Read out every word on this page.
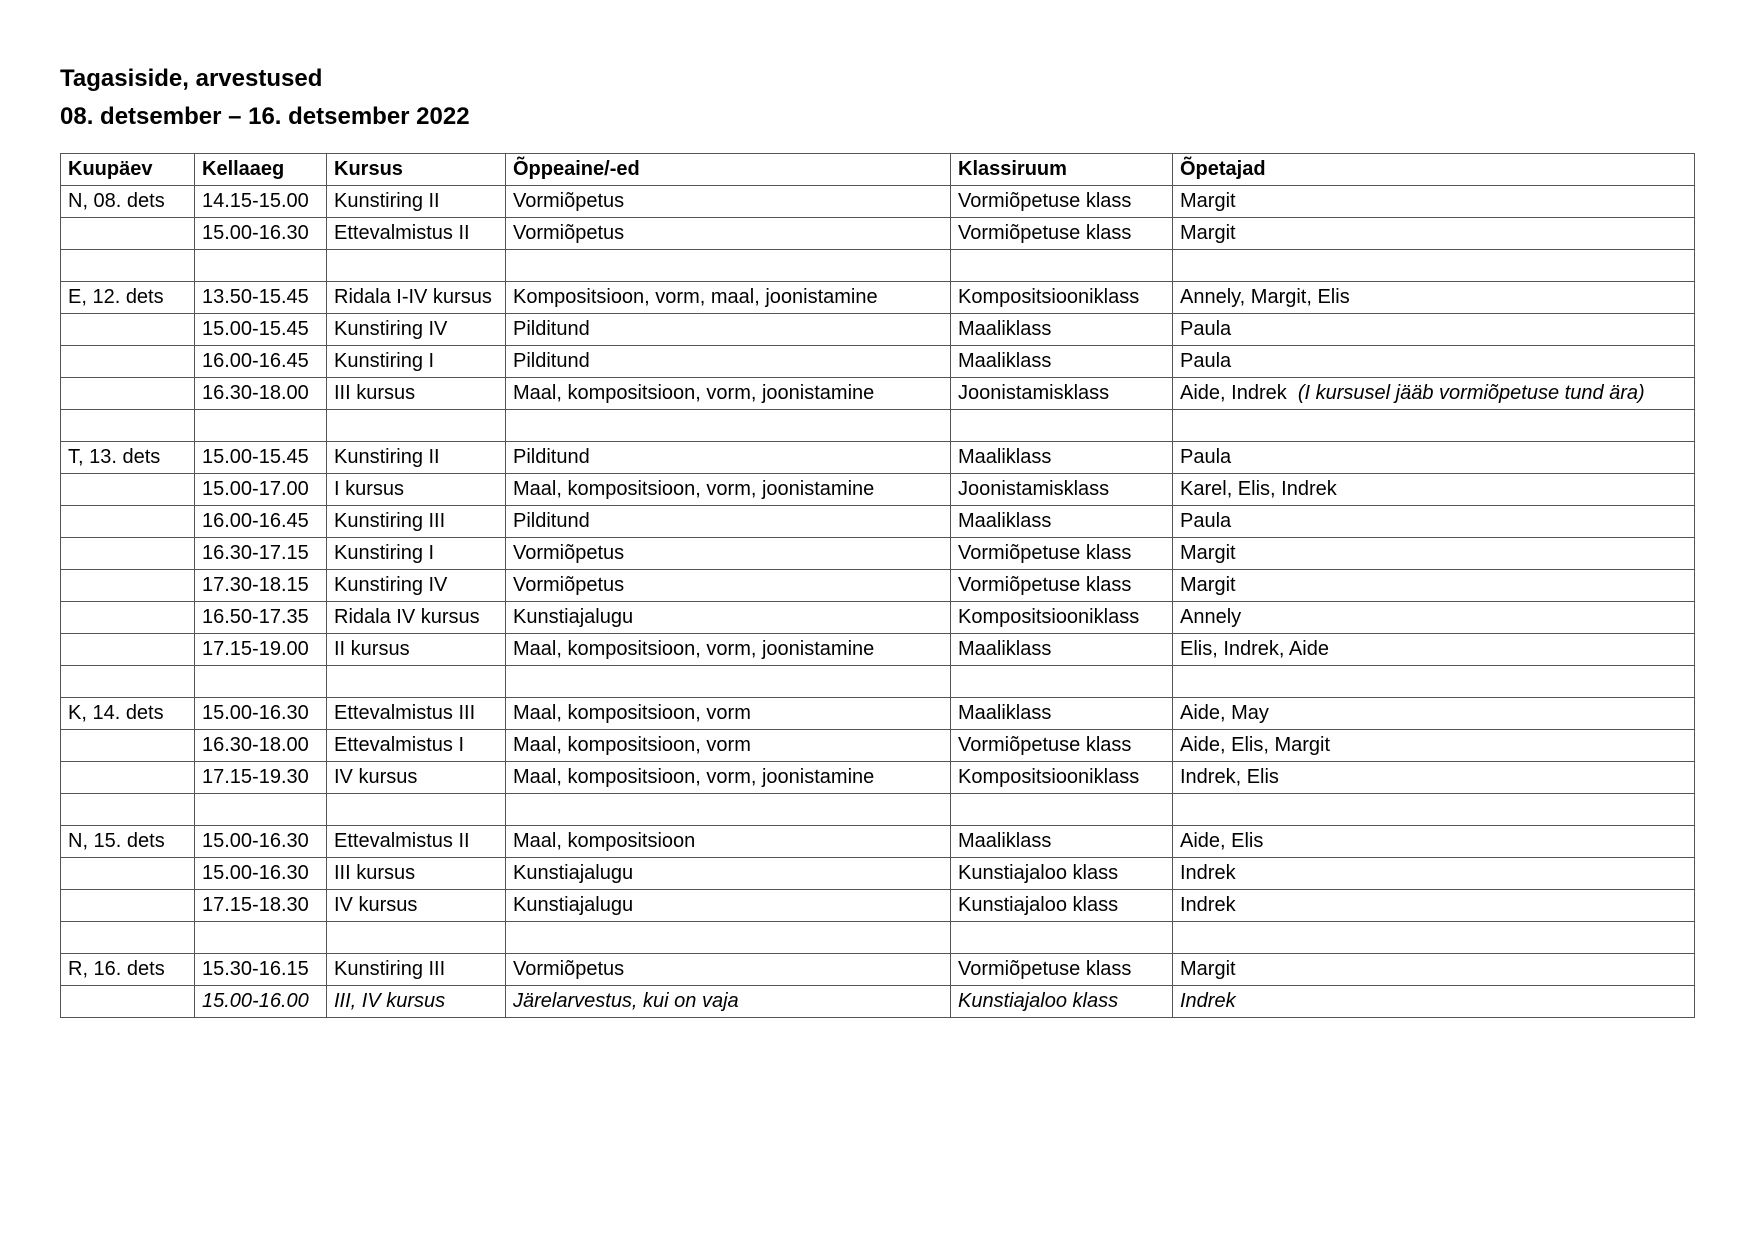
Tagasiside, arvestused
08. detsember – 16. detsember 2022
Kuupäev	Kellaaeg	Kursus	Õppeaine/-ed	Klassiruum	Õpetajad
N, 08. dets	14.15-15.00	Kunstiring II	Vormiõpetus	Vormiõpetuse klass	Margit
	15.00-16.30	Ettevalmistus II	Vormiõpetus	Vormiõpetuse klass	Margit

E, 12. dets	13.50-15.45	Ridala I-IV kursus	Kompositsioon, vorm, maal, joonistamine	Kompositsiooniklass	Annely, Margit, Elis
	15.00-15.45	Kunstiring IV	Pilditund	Maaliklass	Paula
	16.00-16.45	Kunstiring I	Pilditund	Maaliklass	Paula
	16.30-18.00	III kursus	Maal, kompositsioon, vorm, joonistamine	Joonistamisklass	Aide, Indrek (I kursusel jääb vormiõpetuse tund ära)

T, 13. dets	15.00-15.45	Kunstiring II	Pilditund	Maaliklass	Paula
	15.00-17.00	I kursus	Maal, kompositsioon, vorm, joonistamine	Joonistamisklass	Karel, Elis, Indrek
	16.00-16.45	Kunstiring III	Pilditund	Maaliklass	Paula
	16.30-17.15	Kunstiring I	Vormiõpetus	Vormiõpetuse klass	Margit
	17.30-18.15	Kunstiring IV	Vormiõpetus	Vormiõpetuse klass	Margit
	16.50-17.35	Ridala IV kursus	Kunstiajalugu	Kompositsiooniklass	Annely
	17.15-19.00	II kursus	Maal, kompositsioon, vorm, joonistamine	Maaliklass	Elis, Indrek, Aide

K, 14. dets	15.00-16.30	Ettevalmistus III	Maal, kompositsioon, vorm	Maaliklass	Aide, May
	16.30-18.00	Ettevalmistus I	Maal, kompositsioon, vorm	Vormiõpetuse klass	Aide, Elis, Margit
	17.15-19.30	IV kursus	Maal, kompositsioon, vorm, joonistamine	Kompositsiooniklass	Indrek, Elis

N, 15. dets	15.00-16.30	Ettevalmistus II	Maal, kompositsioon	Maaliklass	Aide, Elis
	15.00-16.30	III kursus	Kunstiajalugu	Kunstiajaloo klass	Indrek
	17.15-18.30	IV kursus	Kunstiajalugu	Kunstiajaloo klass	Indrek

R, 16. dets	15.30-16.15	Kunstiring III	Vormiõpetus	Vormiõpetuse klass	Margit
	15.00-16.00	III, IV kursus	Järelarvestus, kui on vaja	Kunstiajaloo klass	Indrek
